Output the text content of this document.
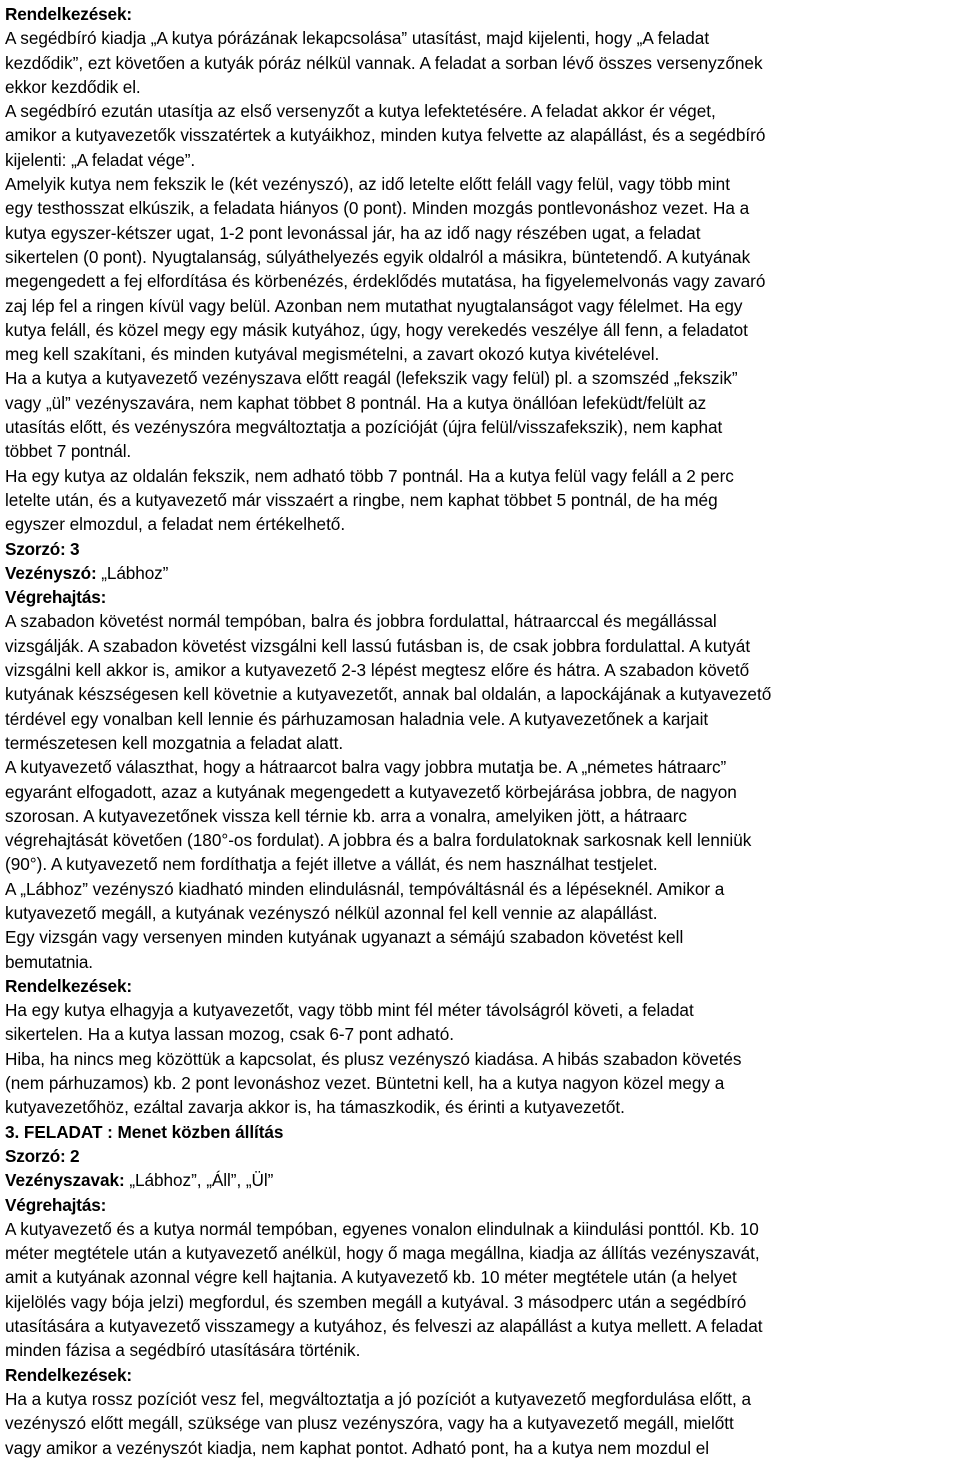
Rendelkezések:
A segédbíró kiadja „A kutya pórázának lekapcsolása” utasítást, majd kijelenti, hogy „A feladat
kezdődik”, ezt követően a kutyák póráz nélkül vannak. A feladat a sorban lévő összes versenyzőnek
ekkor kezdődik el.
A segédbíró ezután utasítja az első versenyzőt a kutya lefektetésére. A feladat akkor ér véget,
amikor a kutyavezetők visszatértek a kutyáikhoz, minden kutya felvette az alapállást, és a segédbíró
kijelenti: „A feladat vége”.
Amelyik kutya nem fekszik le (két vezényszó), az idő letelte előtt feláll vagy felül, vagy több mint
egy testhosszat elkúszik, a feladata hiányos (0 pont). Minden mozgás pontlevonáshoz vezet. Ha a
kutya egyszer-kétszer ugat, 1-2 pont levonással jár, ha az idő nagy részében ugat, a feladat
sikertelen (0 pont). Nyugtalanság, súlyáthelyezés egyik oldalról a másikra, büntetendő. A kutyának
megengedett a fej elfordítása és körbenézés, érdeklődés mutatása, ha figyelemelvonás vagy zavaró
zaj lép fel a ringen kívül vagy belül. Azonban nem mutathat nyugtalanságot vagy félelmet. Ha egy
kutya feláll, és közel megy egy másik kutyához, úgy, hogy verekedés veszélye áll fenn, a feladatot
meg kell szakítani, és minden kutyával megismételni, a zavart okozó kutya kivételével.
Ha a kutya a kutyavezető vezényszava előtt reagál (lefekszik vagy felül) pl. a szomszéd „fekszik”
vagy „ül” vezényszavára, nem kaphat többet 8 pontnál. Ha a kutya önállóan lefeküdt/felült az
utasítás előtt, és vezényszóra megváltoztatja a pozícióját (újra felül/visszafekszik), nem kaphat
többet 7 pontnál.
Ha egy kutya az oldalán fekszik, nem adható több 7 pontnál. Ha a kutya felül vagy feláll a 2 perc
letelte után, és a kutyavezető már visszaért a ringbe, nem kaphat többet 5 pontnál, de ha még
egyszer elmozdul, a feladat nem értékelhető.
Szorzó: 3
Vezényszó: „Lábhoz”
Végrehajtás:
A szabadon követést normál tempóban, balra és jobbra fordulattal, hátraarccal és megállással
vizsgálják. A szabadon követést vizsgálni kell lassú futásban is, de csak jobbra fordulattal. A kutyát
vizsgálni kell akkor is, amikor a kutyavezető 2-3 lépést megtesz előre és hátra. A szabadon követő
kutyának készségesen kell követnie a kutyavezetőt, annak bal oldalán, a lapockájának a kutyavezető
térdével egy vonalban kell lennie és párhuzamosan haladnia vele. A kutyavezetőnek a karjait
természetesen kell mozgatnia a feladat alatt.
A kutyavezető választhat, hogy a hátraarcot balra vagy jobbra mutatja be. A „németes hátraarc”
egyaránt elfogadott, azaz a kutyának megengedett a kutyavezető körbejárása jobbra, de nagyon
szorosan. A kutyavezetőnek vissza kell térnie kb. arra a vonalra, amelyiken jött, a hátraarc
végrehajtását követően (180°-os fordulat). A jobbra és a balra fordulatoknak sarkosnak kell lenniük
(90°). A kutyavezető nem fordíthatja a fejét illetve a vállát, és nem használhat testjelet.
A „Lábhoz” vezényszó kiadható minden elindulásnál, tempóváltásnál és a lépéseknél. Amikor a
kutyavezető megáll, a kutyának vezényszó nélkül azonnal fel kell vennie az alapállást.
Egy vizsgán vagy versenyen minden kutyának ugyanazt a sémájú szabadon követést kell
bemutatnia.
Rendelkezések:
Ha egy kutya elhagyja a kutyavezetőt, vagy több mint fél méter távolságról követi, a feladat
sikertelen. Ha a kutya lassan mozog, csak 6-7 pont adható.
Hiba, ha nincs meg közöttük a kapcsolat, és plusz vezényszó kiadása. A hibás szabadon követés
(nem párhuzamos) kb. 2 pont levonáshoz vezet. Büntetni kell, ha a kutya nagyon közel megy a
kutyavezetőhöz, ezáltal zavarja akkor is, ha támaszkodik, és érinti a kutyavezetőt.
3. FELADAT : Menet közben állítás
Szorzó: 2
Vezényszavak: „Lábhoz”, „Áll”, „Ül”
Végrehajtás:
A kutyavezető és a kutya normál tempóban, egyenes vonalon elindulnak a kiindulási ponttól. Kb. 10
méter megtétele után a kutyavezető anélkül, hogy ő maga megállna, kiadja az állítás vezényszavát,
amit a kutyának azonnal végre kell hajtania. A kutyavezető kb. 10 méter megtétele után (a helyet
kijelölés vagy bója jelzi) megfordul, és szemben megáll a kutyával. 3 másodperc után a segédbíró
utasítására a kutyavezető visszamegy a kutyához, és felveszi az alapállást a kutya mellett. A feladat
minden fázisa a segédbíró utasítására történik.
Rendelkezések:
Ha a kutya rossz pozíciót vesz fel, megváltoztatja a jó pozíciót a kutyavezető megfordulása előtt, a
vezényszó előtt megáll, szüksége van plusz vezényszóra, vagy ha a kutyavezető megáll, mielőtt
vagy amikor a vezényszót kiadja, nem kaphat pontot. Adható pont, ha a kutya nem mozdul el
